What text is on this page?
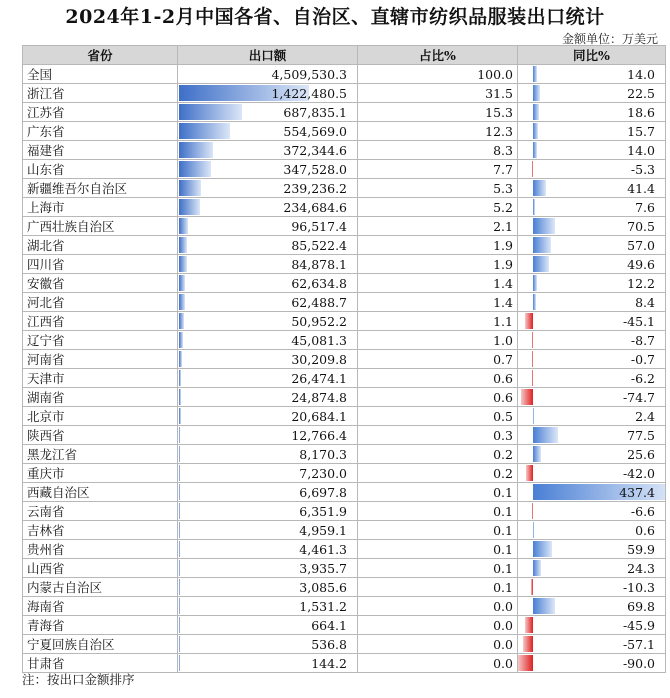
2024年1-2月中国各省、自治区、直辖市纺织品服装出口统计
金额单位：万美元
省份	出口额	占比%	同比%
全国	4,509,530.3	100.0	14.0
浙江省	1,422,480.5	31.5	22.5
江苏省	687,835.1	15.3	18.6
广东省	554,569.0	12.3	15.7
福建省	372,344.6	8.3	14.0
山东省	347,528.0	7.7	-5.3
新疆维吾尔自治区	239,236.2	5.3	41.4
上海市	234,684.6	5.2	7.6
广西壮族自治区	96,517.4	2.1	70.5
湖北省	85,522.4	1.9	57.0
四川省	84,878.1	1.9	49.6
安徽省	62,634.8	1.4	12.2
河北省	62,488.7	1.4	8.4
江西省	50,952.2	1.1	-45.1
辽宁省	45,081.3	1.0	-8.7
河南省	30,209.8	0.7	-0.7
天津市	26,474.1	0.6	-6.2
湖南省	24,874.8	0.6	-74.7
北京市	20,684.1	0.5	2.4
陕西省	12,766.4	0.3	77.5
黑龙江省	8,170.3	0.2	25.6
重庆市	7,230.0	0.2	-42.0
西藏自治区	6,697.8	0.1	437.4
云南省	6,351.9	0.1	-6.6
吉林省	4,959.1	0.1	0.6
贵州省	4,461.3	0.1	59.9
山西省	3,935.7	0.1	24.3
内蒙古自治区	3,085.6	0.1	-10.3
海南省	1,531.2	0.0	69.8
青海省	664.1	0.0	-45.9
宁夏回族自治区	536.8	0.0	-57.1
甘肃省	144.2	0.0	-90.0
注：按出口金额排序
